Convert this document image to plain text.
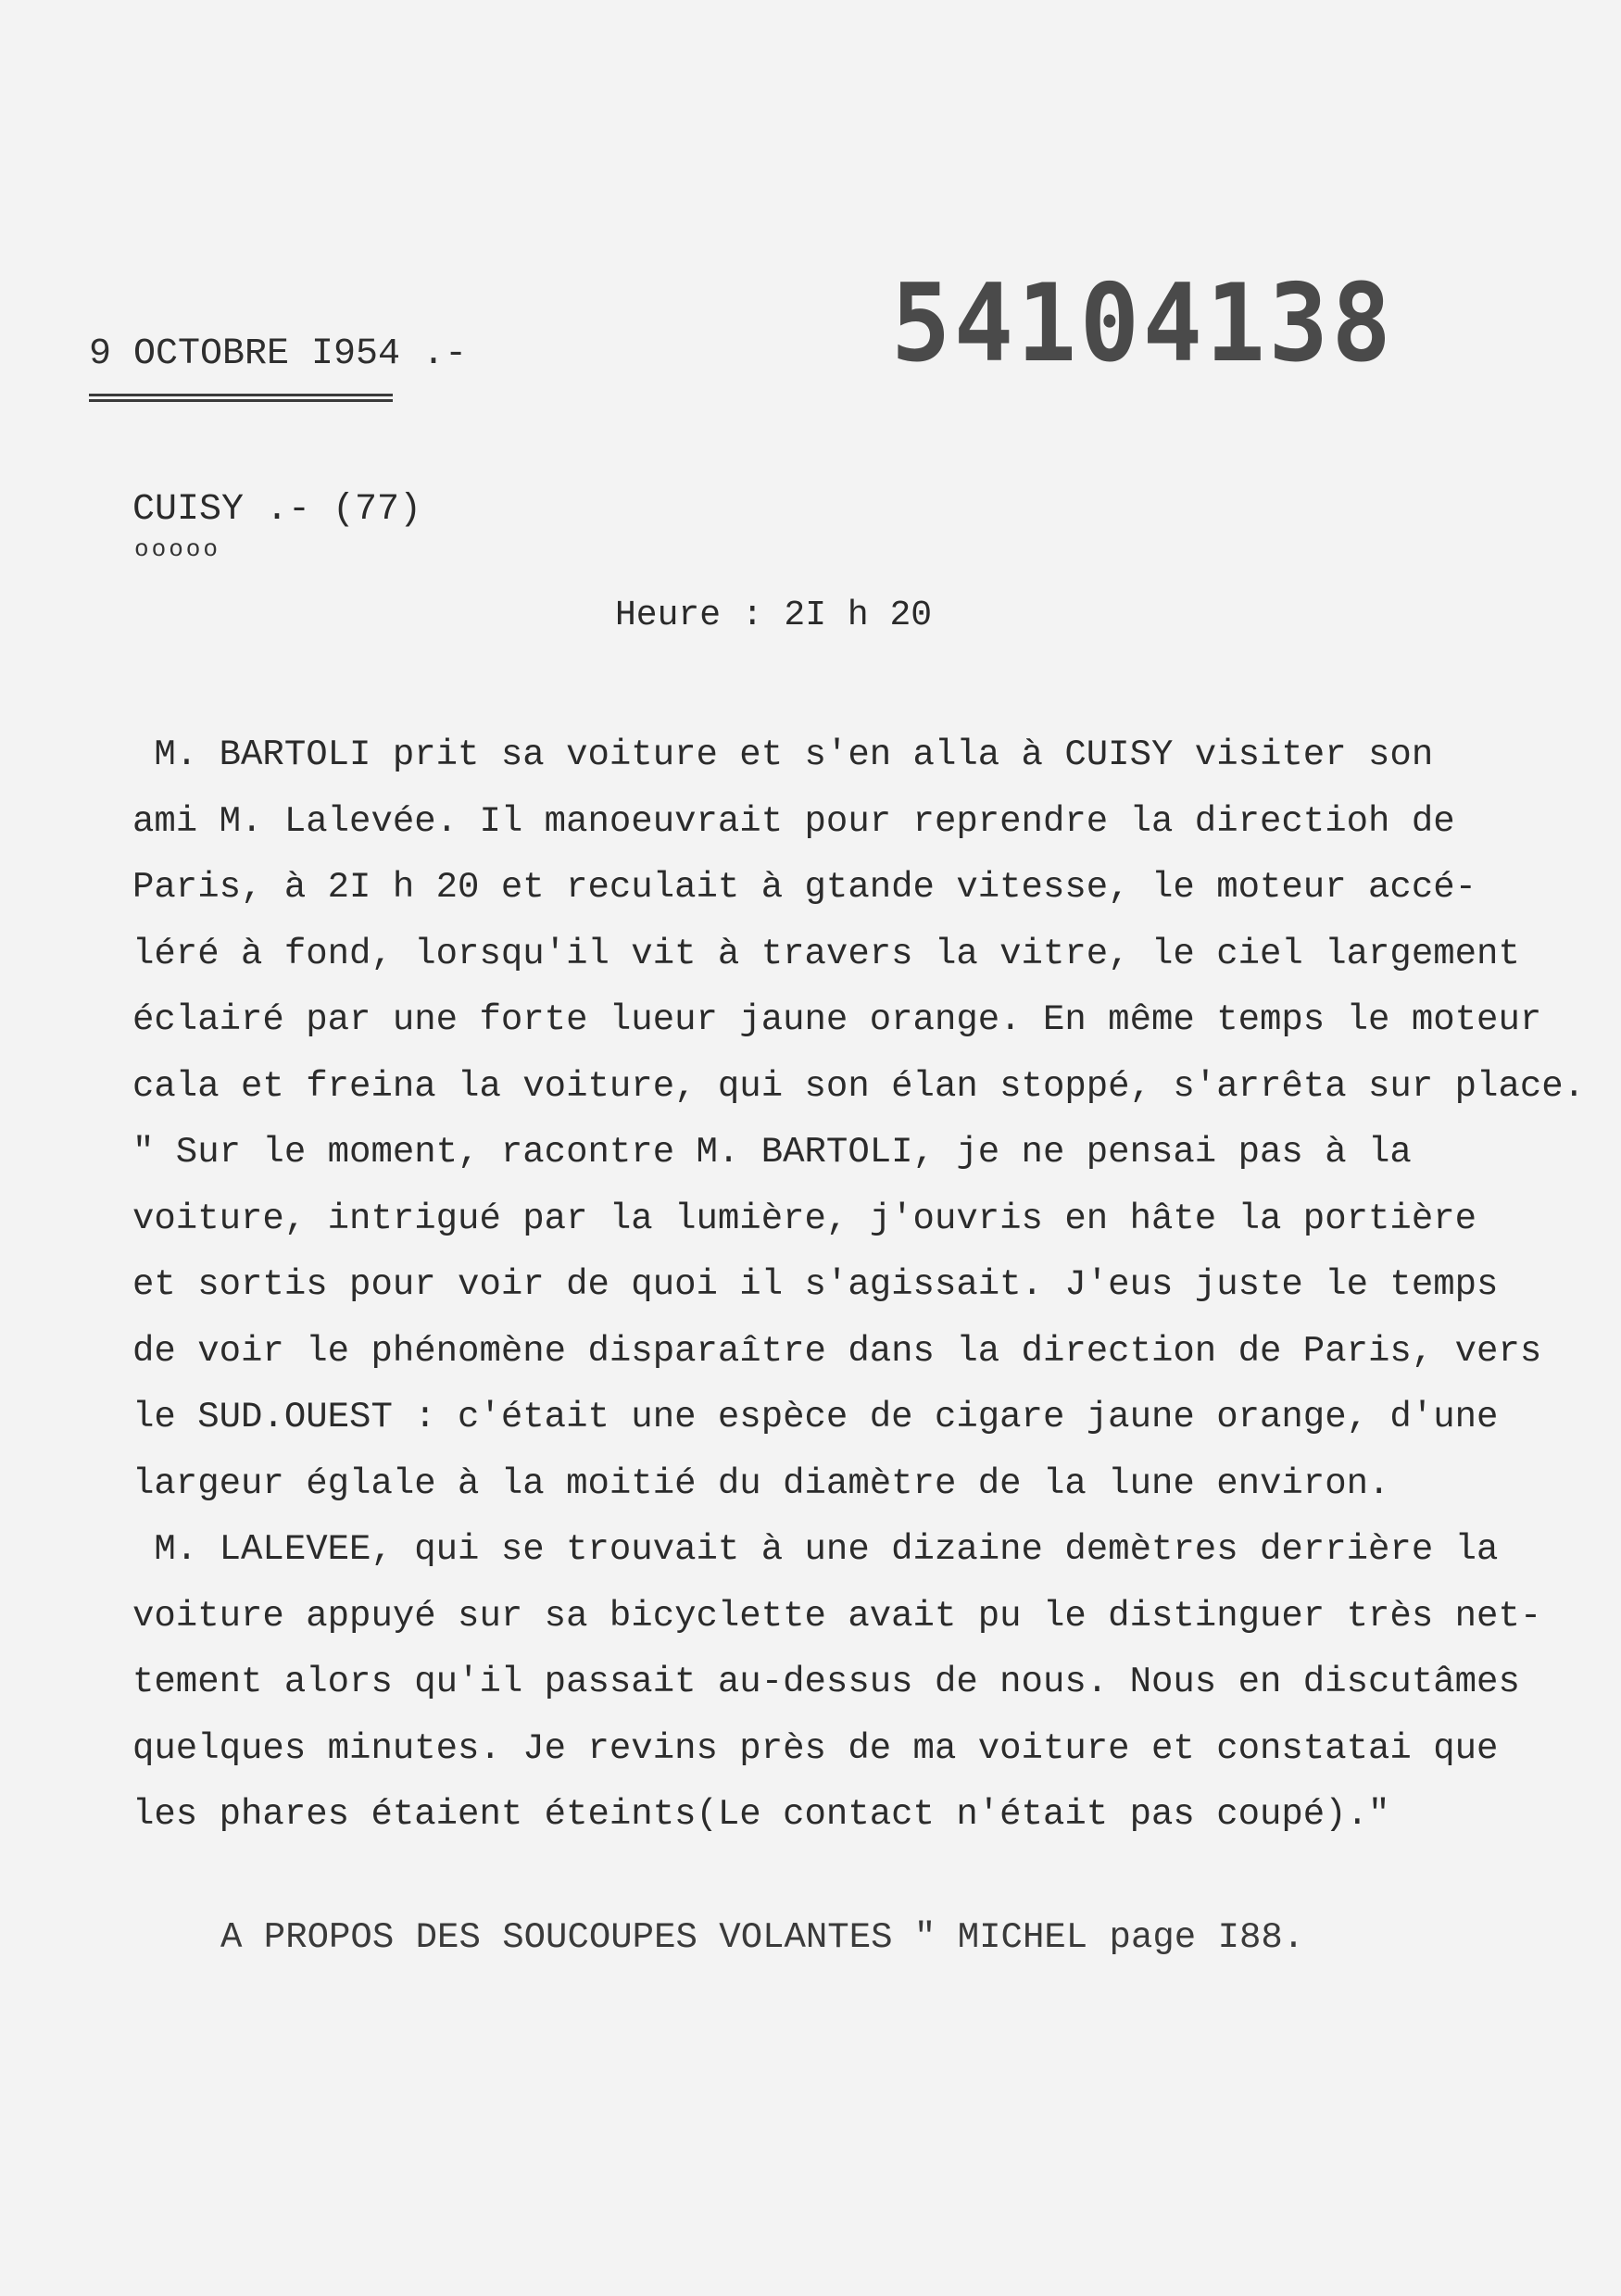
54104138
9 OCTOBRE I954 .-
CUISY .- (77)
ooooo
Heure : 2I h 20
M. BARTOLI prit sa voiture et s'en alla à CUISY visiter son
ami M. Lalevée. Il manoeuvrait pour reprendre la directioh de
Paris, à 2I h 20 et reculait à gtande vitesse, le moteur accé-
léré à fond, lorsqu'il vit à travers la vitre, le ciel largement
éclairé par une forte lueur jaune orange. En même temps le moteur
cala et freina la voiture, qui son élan stoppé, s'arrêta sur place.
" Sur le moment, racontre M. BARTOLI, je ne pensai pas à la
voiture, intrigué par la lumière, j'ouvris en hâte la portière
et sortis pour voir de quoi il s'agissait. J'eus juste le temps
de voir le phénomène disparaître dans la direction de Paris, vers
le SUD.OUEST : c'était une espèce de cigare jaune orange, d'une
largeur églale à la moitié du diamètre de la lune environ.
M. LALEVEE, qui se trouvait à une dizaine demètres derrière la
voiture appuyé sur sa bicyclette avait pu le distinguer très net-
tement alors qu'il passait au-dessus de nous. Nous en discutâmes
quelques minutes. Je revins près de ma voiture et constatai que
les phares étaient éteints(Le contact n'était pas coupé)."
A PROPOS DES SOUCOUPES VOLANTES " MICHEL page I88.
